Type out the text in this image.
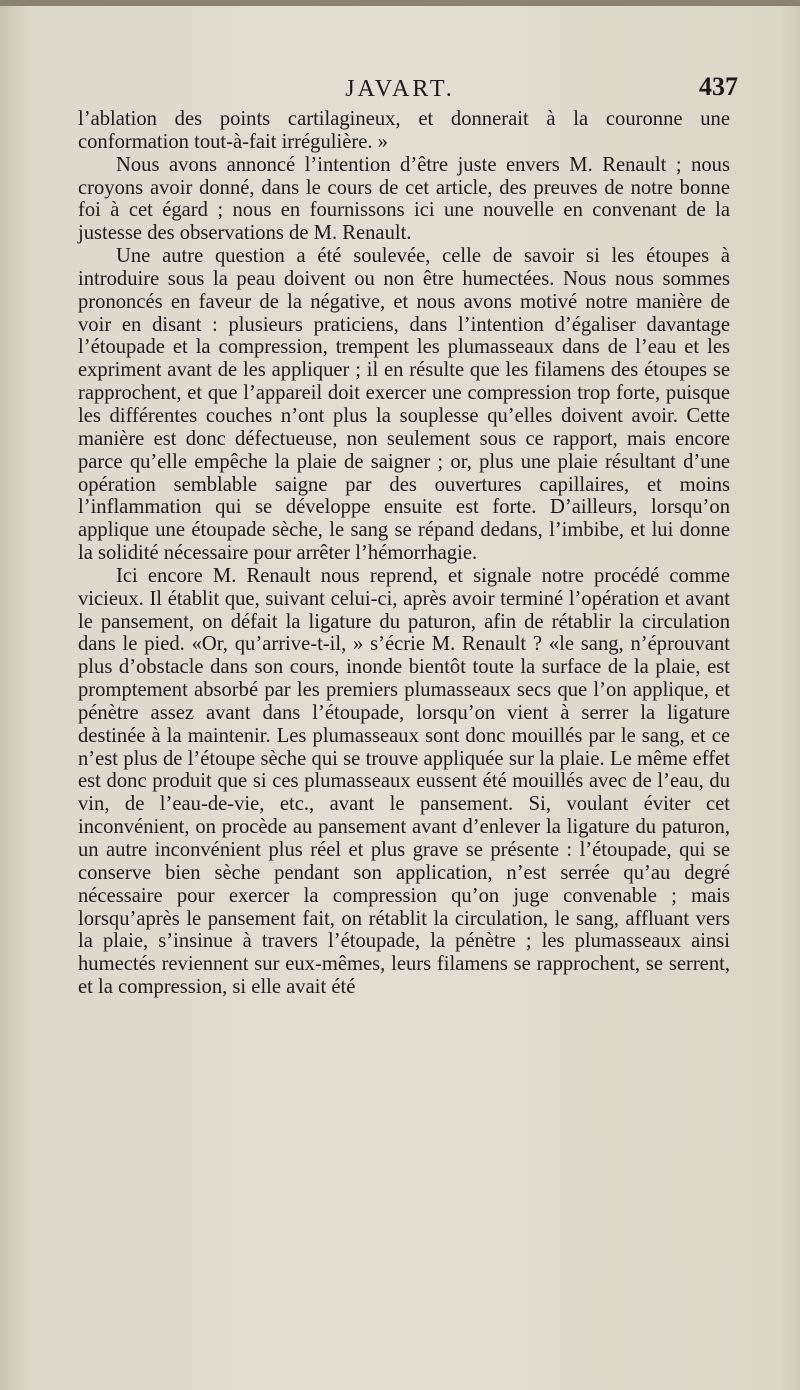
JAVART.	437

l’ablation des points cartilagineux, et donnerait à la couronne une conformation tout-à-fait irrégulière. »

Nous avons annoncé l’intention d’être juste envers M. Renault ; nous croyons avoir donné, dans le cours de cet article, des preuves de notre bonne foi à cet égard ; nous en fournissons ici une nouvelle en convenant de la justesse des observations de M. Renault.

Une autre question a été soulevée, celle de savoir si les étoupes à introduire sous la peau doivent ou non être humectées. Nous nous sommes prononcés en faveur de la négative, et nous avons motivé notre manière de voir en disant : plusieurs praticiens, dans l’intention d’égaliser davantage l’étoupade et la compression, trempent les plumasseaux dans de l’eau et les expriment avant de les appliquer ; il en résulte que les filamens des étoupes se rapprochent, et que l’appareil doit exercer une compression trop forte, puisque les différentes couches n’ont plus la souplesse qu’elles doivent avoir. Cette manière est donc défectueuse, non seulement sous ce rapport, mais encore parce qu’elle empêche la plaie de saigner ; or, plus une plaie résultant d’une opération semblable saigne par des ouvertures capillaires, et moins l’inflammation qui se développe ensuite est forte. D’ailleurs, lorsqu’on applique une étoupade sèche, le sang se répand dedans, l’imbibe, et lui donne la solidité nécessaire pour arrêter l’hémorrhagie.

Ici encore M. Renault nous reprend, et signale notre procédé comme vicieux. Il établit que, suivant celui-ci, après avoir terminé l’opération et avant le pansement, on défait la ligature du paturon, afin de rétablir la circulation dans le pied. «Or, qu’arrive-t-il, » s’écrie M. Renault ? «le sang, n’éprouvant plus d’obstacle dans son cours, inonde bientôt toute la surface de la plaie, est promptement absorbé par les premiers plumasseaux secs que l’on applique, et pénètre assez avant dans l’étoupade, lorsqu’on vient à serrer la ligature destinée à la maintenir. Les plumasseaux sont donc mouillés par le sang, et ce n’est plus de l’étoupe sèche qui se trouve appliquée sur la plaie. Le même effet est donc produit que si ces plumasseaux eussent été mouillés avec de l’eau, du vin, de l’eau-de-vie, etc., avant le pansement. Si, voulant éviter cet inconvénient, on procède au pansement avant d’enlever la ligature du paturon, un autre inconvénient plus réel et plus grave se présente : l’étoupade, qui se conserve bien sèche pendant son application, n’est serrée qu’au degré nécessaire pour exercer la compression qu’on juge convenable ; mais lorsqu’après le pansement fait, on rétablit la circulation, le sang, affluant vers la plaie, s’insinue à travers l’étoupade, la pénètre ; les plumasseaux ainsi humectés reviennent sur eux-mêmes, leurs filamens se rapprochent, se serrent, et la compression, si elle avait été
